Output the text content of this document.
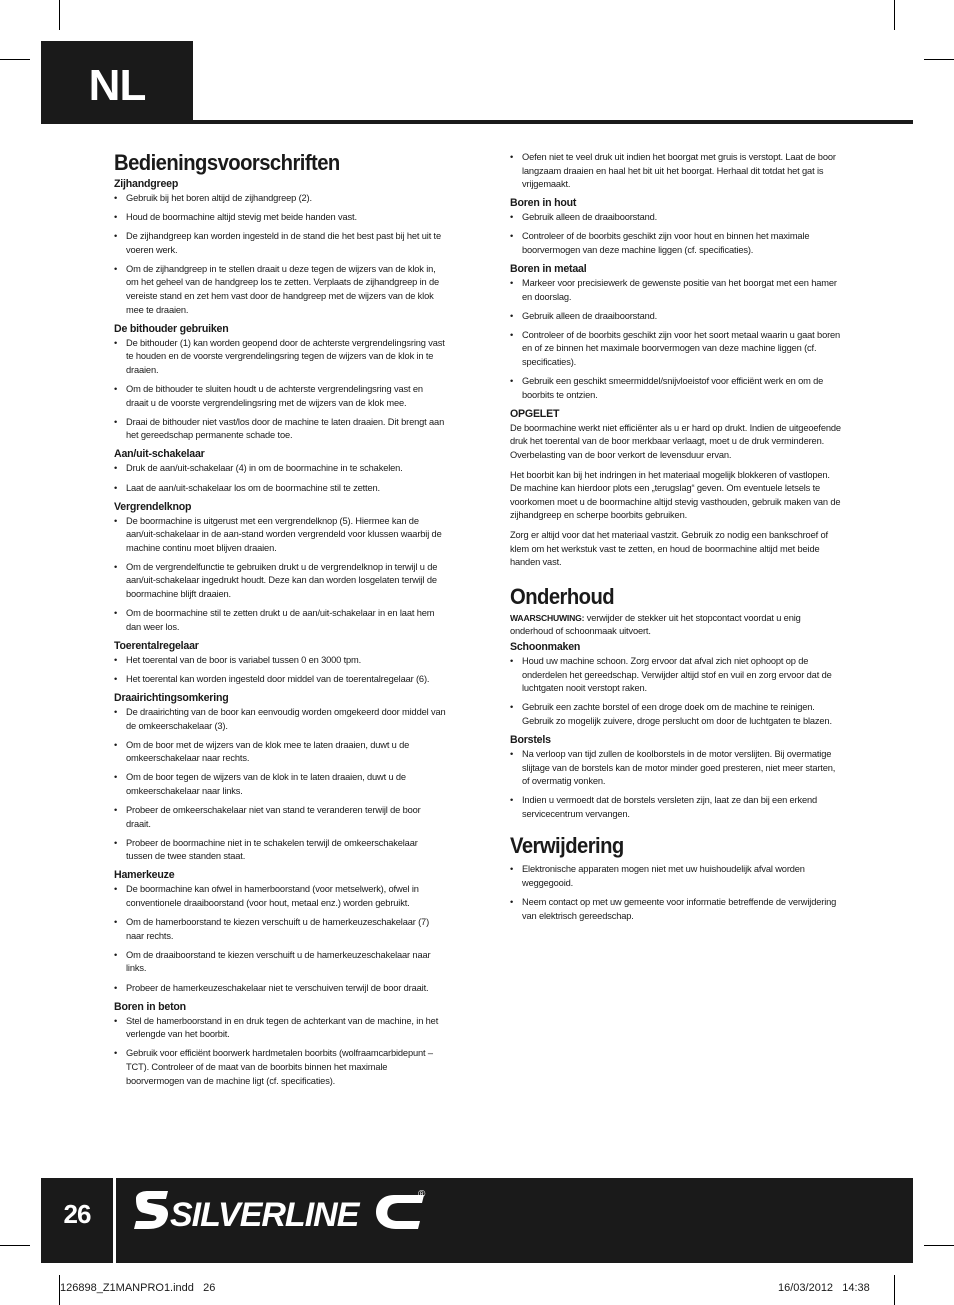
NL
Bedieningsvoorschriften
Zijhandgreep
• Gebruik bij het boren altijd de zijhandgreep (2).
• Houd de boormachine altijd stevig met beide handen vast.
• De zijhandgreep kan worden ingesteld in de stand die het best past bij het uit te voeren werk.
• Om de zijhandgreep in te stellen draait u deze tegen de wijzers van de klok in, om het geheel van de handgreep los te zetten. Verplaats de zijhandgreep in de vereiste stand en zet hem vast door de handgreep met de wijzers van de klok mee te draaien.
De bithouder gebruiken
• De bithouder (1) kan worden geopend door de achterste vergrendelingsring vast te houden en de voorste vergrendelingsring tegen de wijzers van de klok in te draaien.
• Om de bithouder te sluiten houdt u de achterste vergrendelingsring vast en draait u de voorste vergrendelingsring met de wijzers van de klok mee.
• Draai de bithouder niet vast/los door de machine te laten draaien. Dit brengt aan het gereedschap permanente schade toe.
Aan/uit-schakelaar
• Druk de aan/uit-schakelaar (4) in om de boormachine in te schakelen.
• Laat de aan/uit-schakelaar los om de boormachine stil te zetten.
Vergrendelknop
• De boormachine is uitgerust met een vergrendelknop (5). Hiermee kan de aan/uit-schakelaar in de aan-stand worden vergrendeld voor klussen waarbij de machine continu moet blijven draaien.
• Om de vergrendelfunctie te gebruiken drukt u de vergrendelknop in terwijl u de aan/uit-schakelaar ingedrukt houdt. Deze kan dan worden losgelaten terwijl de boormachine blijft draaien.
• Om de boormachine stil te zetten drukt u de aan/uit-schakelaar in en laat hem dan weer los.
Toerentalregelaar
• Het toerental van de boor is variabel tussen 0 en 3000 tpm.
• Het toerental kan worden ingesteld door middel van de toerentalregelaar (6).
Draairichtingsomkering
• De draairichting van de boor kan eenvoudig worden omgekeerd door middel van de omkeerschakelaar (3).
• Om de boor met de wijzers van de klok mee te laten draaien, duwt u de omkeerschakelaar naar rechts.
• Om de boor tegen de wijzers van de klok in te laten draaien, duwt u de omkeerschakelaar naar links.
• Probeer de omkeerschakelaar niet van stand te veranderen terwijl de boor draait.
• Probeer de boormachine niet in te schakelen terwijl de omkeerschakelaar tussen de twee standen staat.
Hamerkeuze
• De boormachine kan ofwel in hamerboorstand (voor metselwerk), ofwel in conventionele draaiboorstand (voor hout, metaal enz.) worden gebruikt.
• Om de hamerboorstand te kiezen verschuift u de hamerkeuzeschakelaar (7) naar rechts.
• Om de draaiboorstand te kiezen verschuift u de hamerkeuzeschakelaar naar links.
• Probeer de hamerkeuzeschakelaar niet te verschuiven terwijl de boor draait.
Boren in beton
• Stel de hamerboorstand in en druk tegen de achterkant van de machine, in het verlengde van het boorbit.
• Gebruik voor efficiënt boorwerk hardmetalen boorbits (wolfraamcarbidepunt – TCT). Controleer of de maat van de boorbits binnen het maximale boorvermogen van de machine ligt (cf. specificaties).
• Oefen niet te veel druk uit indien het boorgat met gruis is verstopt. Laat de boor langzaam draaien en haal het bit uit het boorgat. Herhaal dit totdat het gat is vrijgemaakt.
Boren in hout
• Gebruik alleen de draaiboorstand.
• Controleer of de boorbits geschikt zijn voor hout en binnen het maximale boorvermogen van deze machine liggen (cf. specificaties).
Boren in metaal
• Markeer voor precisiewerk de gewenste positie van het boorgat met een hamer en doorslag.
• Gebruik alleen de draaiboorstand.
• Controleer of de boorbits geschikt zijn voor het soort metaal waarin u gaat boren en of ze binnen het maximale boorvermogen van deze machine liggen (cf. specificaties).
• Gebruik een geschikt smeermiddel/snijvloeistof voor efficiënt werk en om de boorbits te ontzien.
OPGELET

De boormachine werkt niet efficiënter als u er hard op drukt. Indien de uitgeoefende druk het toerental van de boor merkbaar verlaagt, moet u de druk verminderen. Overbelasting van de boor verkort de levensduur ervan.

Het boorbit kan bij het indringen in het materiaal mogelijk blokkeren of vastlopen. De machine kan hierdoor plots een „terugslag“ geven. Om eventuele letsels te voorkomen moet u de boormachine altijd stevig vasthouden, gebruik maken van de zijhandgreep en scherpe boorbits gebruiken.

Zorg er altijd voor dat het materiaal vastzit. Gebruik zo nodig een bankschroef of klem om het werkstuk vast te zetten, en houd de boormachine altijd met beide handen vast.

Onderhoud

WAARSCHUWING: verwijder de stekker uit het stopcontact voordat u enig onderhoud of schoonmaak uitvoert.

Schoonmaken
• Houd uw machine schoon. Zorg ervoor dat afval zich niet ophoopt op de onderdelen het gereedschap. Verwijder altijd stof en vuil en zorg ervoor dat de luchtgaten nooit verstopt raken.
• Gebruik een zachte borstel of een droge doek om de machine te reinigen. Gebruik zo mogelijk zuivere, droge perslucht om door de luchtgaten te blazen.
Borstels
• Na verloop van tijd zullen de koolborstels in de motor verslijten. Bij overmatige slijtage van de borstels kan de motor minder goed presteren, niet meer starten, of overmatig vonken.
• Indien u vermoedt dat de borstels versleten zijn, laat ze dan bij een erkend servicecentrum vervangen.
Verwijdering
• Elektronische apparaten mogen niet met uw huishoudelijk afval worden weggegooid.
• Neem contact op met uw gemeente voor informatie betreffende de verwijdering van elektrisch gereedschap.
26	SILVERLINE
®
126898_Z1MANPRO1.indd   26	16/03/2012   14:38
